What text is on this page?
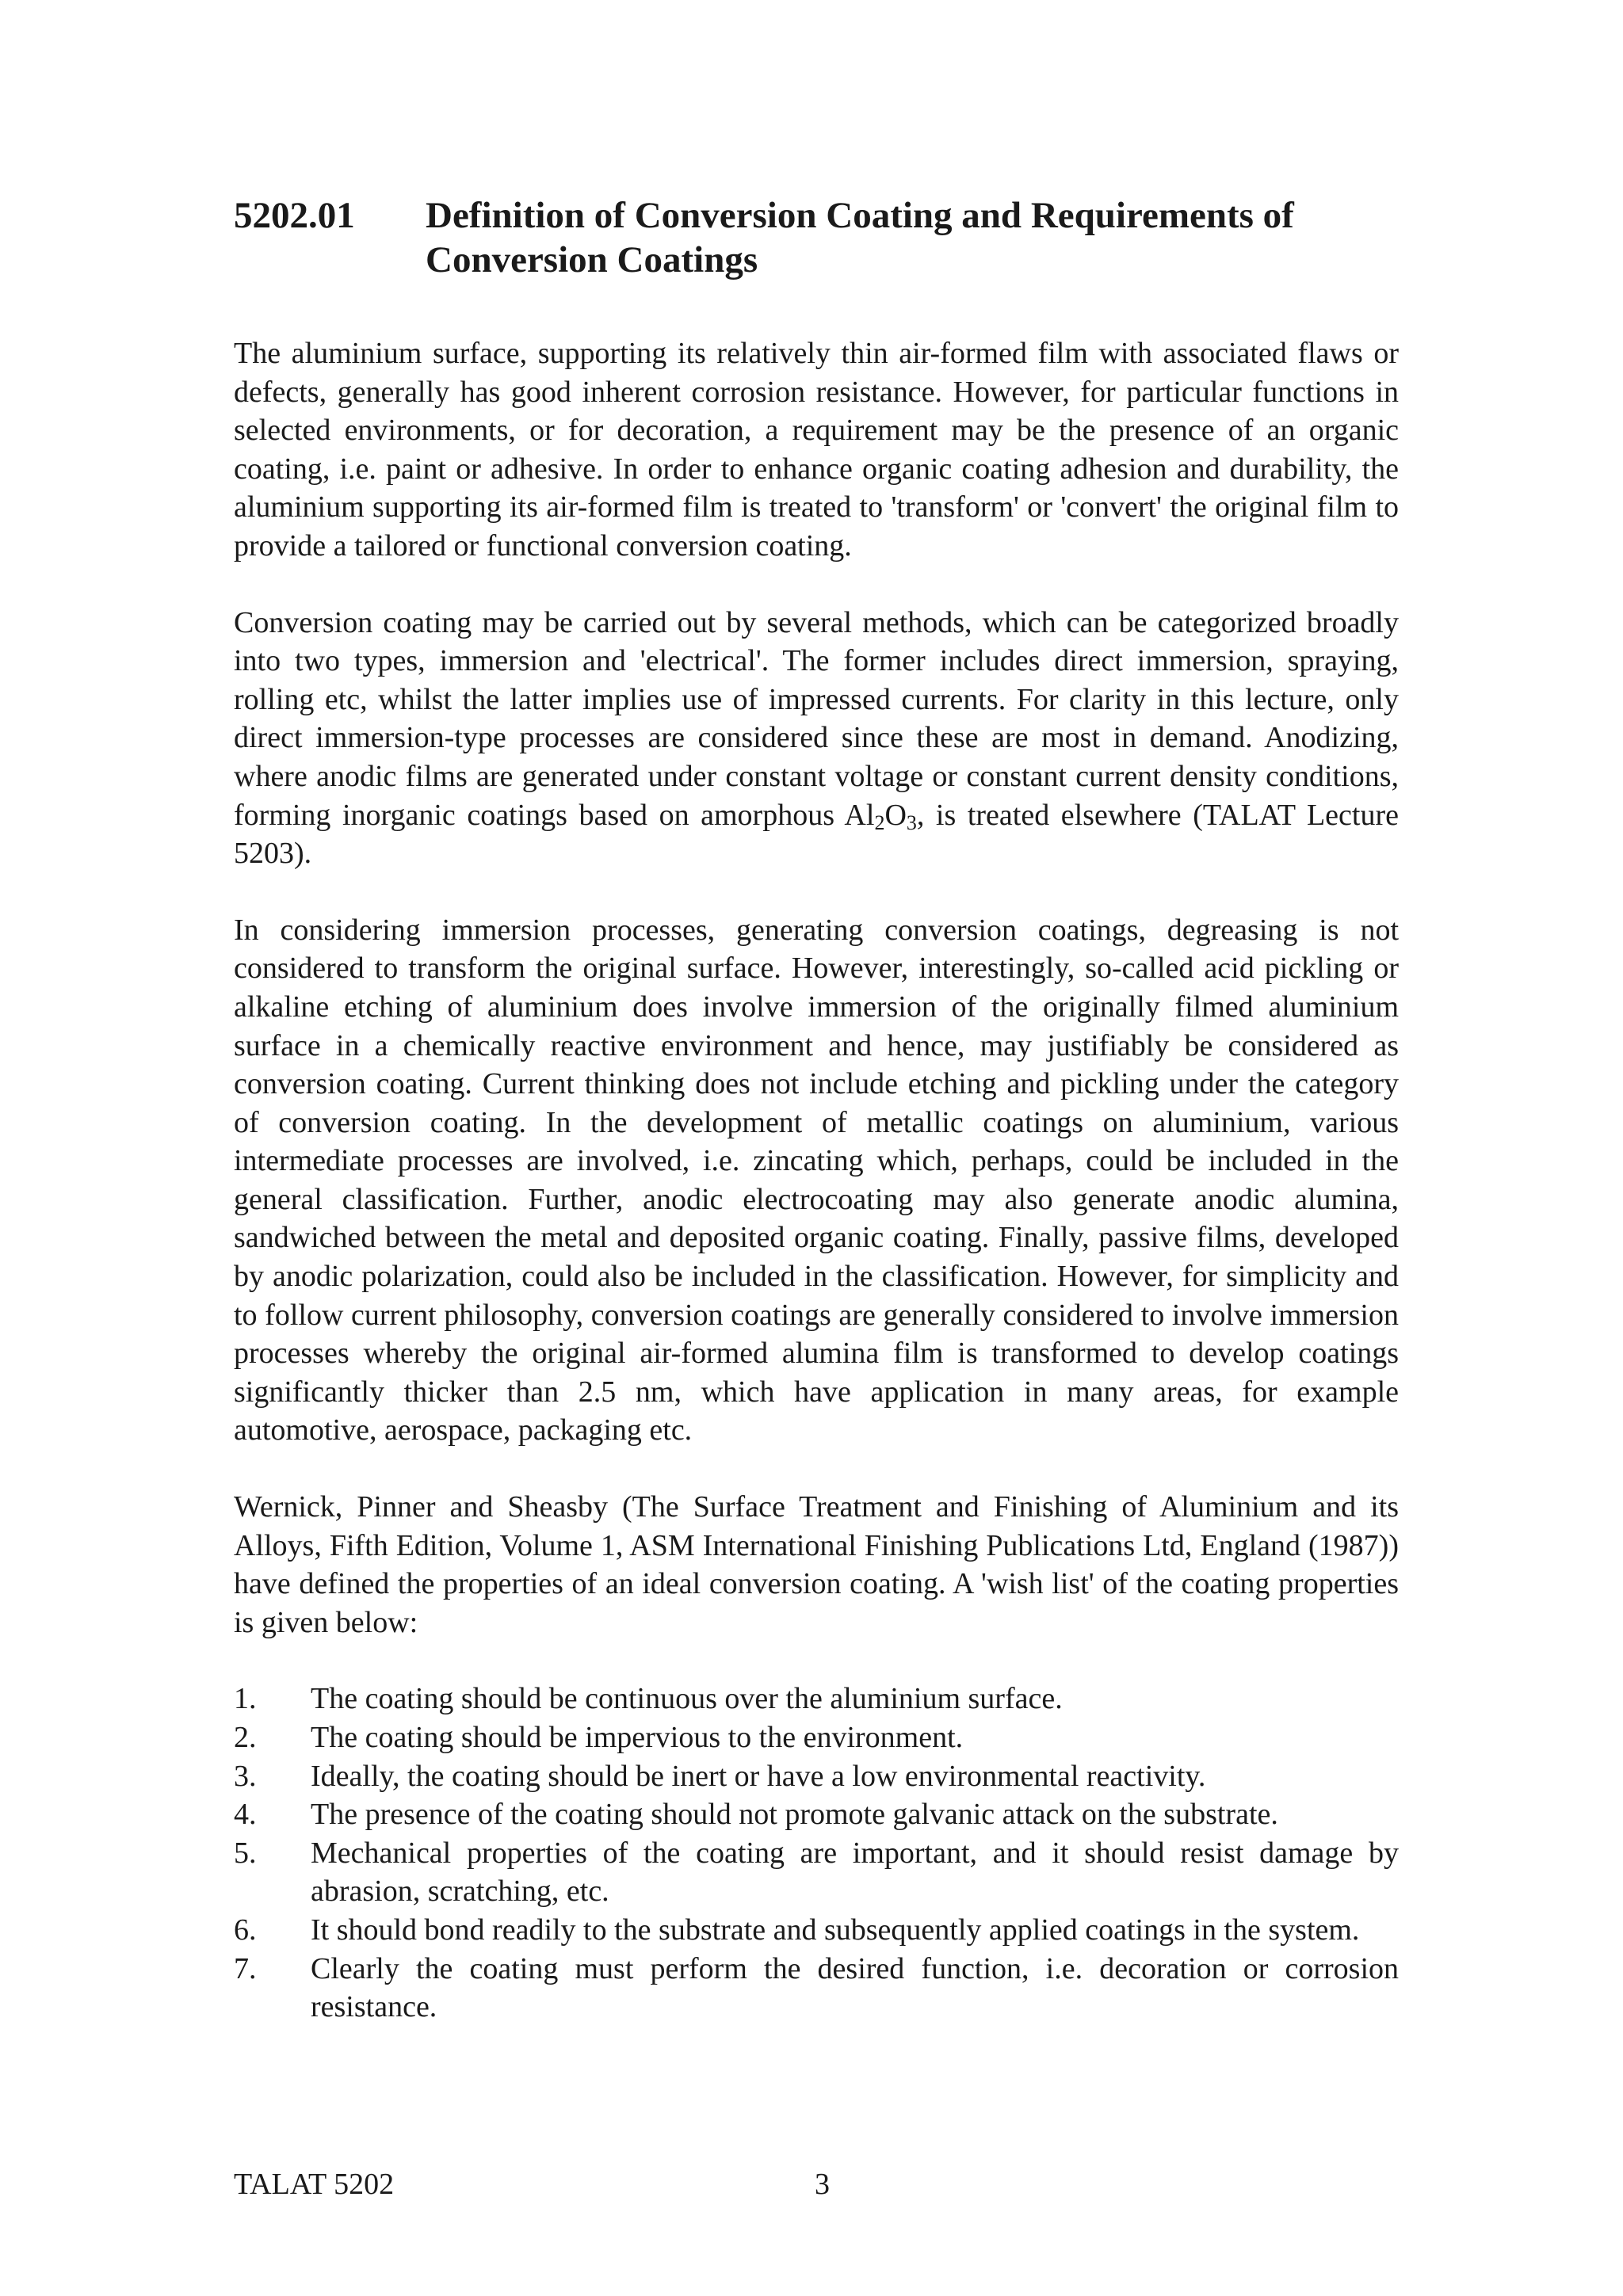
5202.01	Definition of Conversion Coating and Requirements of Conversion Coatings

The aluminium surface, supporting its relatively thin air-formed film with associated flaws or defects, generally has good inherent corrosion resistance. However, for particular functions in selected environments, or for decoration, a requirement may be the presence of an organic coating, i.e. paint or adhesive. In order to enhance organic coating adhesion and durability, the aluminium supporting its air-formed film is treated to 'transform' or 'convert' the original film to provide a tailored or functional conversion coating.

Conversion coating may be carried out by several methods, which can be categorized broadly into two types, immersion and 'electrical'. The former includes direct immersion, spraying, rolling etc, whilst the latter implies use of impressed currents. For clarity in this lecture, only direct immersion-type processes are considered since these are most in demand. Anodizing, where anodic films are generated under constant voltage or constant current density conditions, forming inorganic coatings based on amorphous $Al_2O_3$, is treated elsewhere (TALAT Lecture 5203).

In considering immersion processes, generating conversion coatings, degreasing is not considered to transform the original surface. However, interestingly, so-called acid pickling or alkaline etching of aluminium does involve immersion of the originally filmed aluminium surface in a chemically reactive environment and hence, may justifiably be considered as conversion coating. Current thinking does not include etching and pickling under the category of conversion coating. In the development of metallic coatings on aluminium, various intermediate processes are involved, i.e. zincating which, perhaps, could be included in the general classification. Further, anodic electrocoating may also generate anodic alumina, sandwiched between the metal and deposited organic coating. Finally, passive films, developed by anodic polarization, could also be included in the classification. However, for simplicity and to follow current philosophy, conversion coatings are generally considered to involve immersion processes whereby the original air-formed alumina film is transformed to develop coatings significantly thicker than 2.5 nm, which have application in many areas, for example automotive, aerospace, packaging etc.

Wernick, Pinner and Sheasby (The Surface Treatment and Finishing of Aluminium and its Alloys, Fifth Edition, Volume 1, ASM International Finishing Publications Ltd, England (1987)) have defined the properties of an ideal conversion coating. A 'wish list' of the coating properties is given below:

1.	The coating should be continuous over the aluminium surface.
2.	The coating should be impervious to the environment.
3.	Ideally, the coating should be inert or have a low environmental reactivity.
4.	The presence of the coating should not promote galvanic attack on the substrate.
5.	Mechanical properties of the coating are important, and it should resist damage by abrasion, scratching, etc.
6.	It should bond readily to the substrate and subsequently applied coatings in the system.
7.	Clearly the coating must perform the desired function, i.e. decoration or corrosion resistance.
TALAT 5202	3
